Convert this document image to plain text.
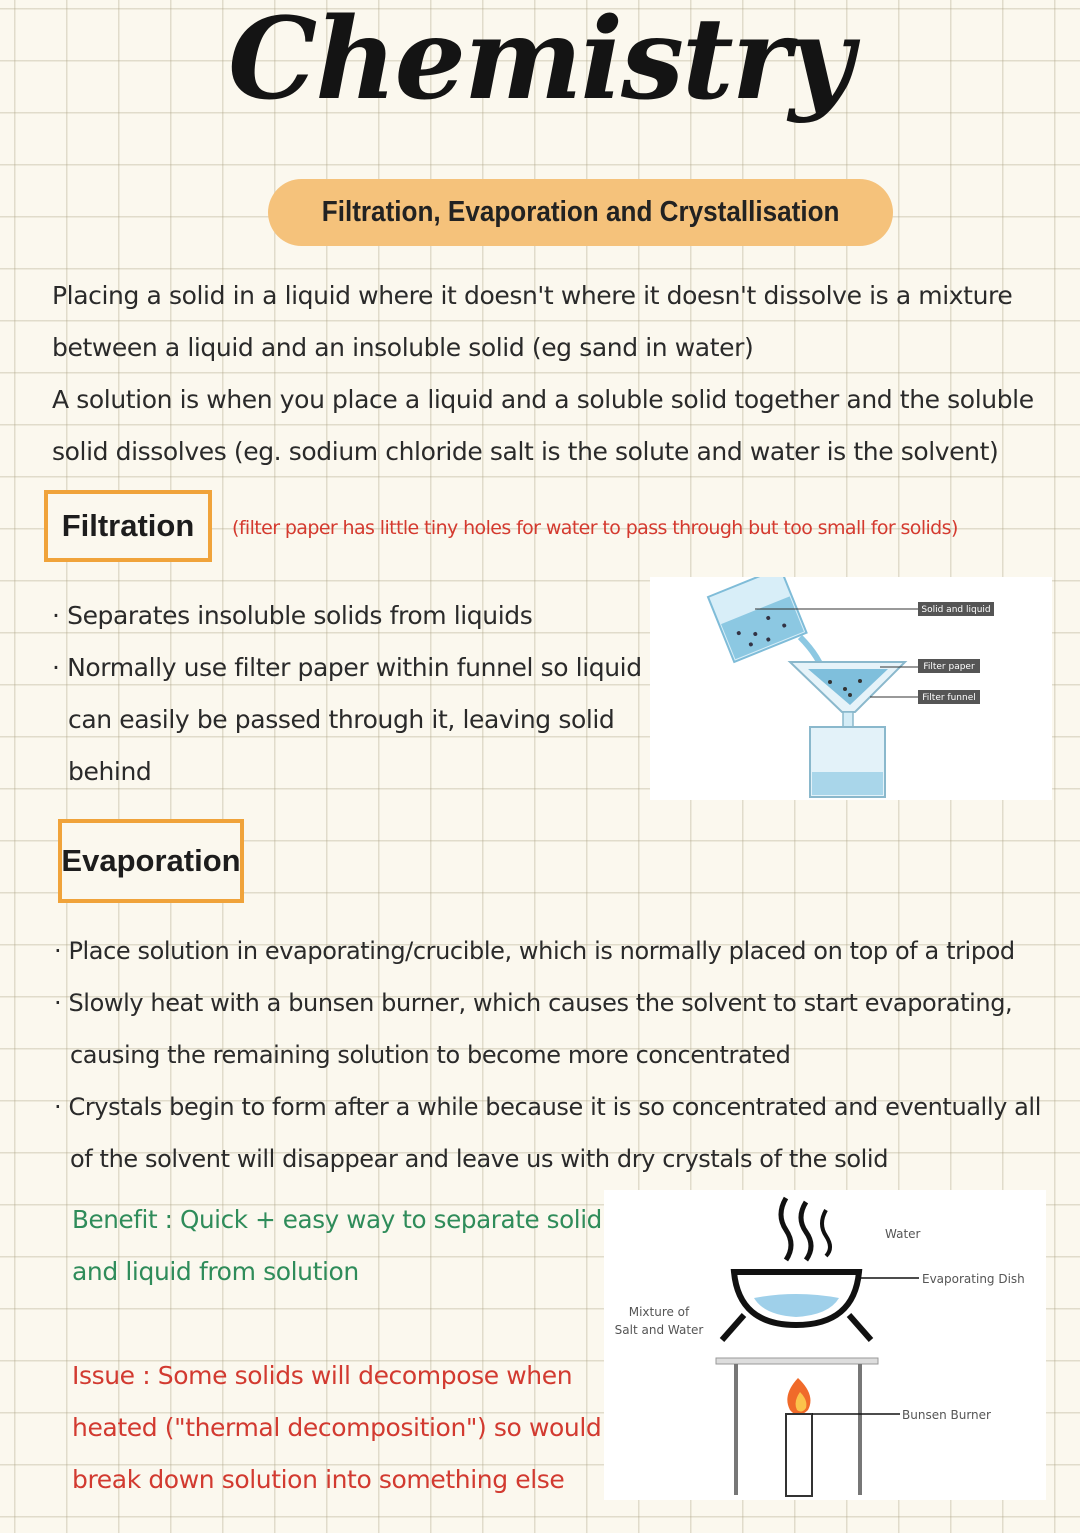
Chemistry
Filtration, Evaporation and Crystallisation
Placing a solid in a liquid where it doesn't where it doesn't dissolve is a mixture
between a liquid and an insoluble solid (eg sand in water)
A solution is when you place a liquid and a soluble solid together and the soluble
solid dissolves (eg. sodium chloride salt is the solute and water is the solvent)
Filtration (filter paper has little tiny holes for water to pass through but too small for solids)
· Separates insoluble solids from liquids
· Normally use filter paper within funnel so liquid
can easily be passed through it, leaving solid
behind
Solid and liquid
Filter paper
Filter funnel
Evaporation
· Place solution in evaporating/crucible, which is normally placed on top of a tripod
· Slowly heat with a bunsen burner, which causes the solvent to start evaporating,
causing the remaining solution to become more concentrated
· Crystals begin to form after a while because it is so concentrated and eventually all
of the solvent will disappear and leave us with dry crystals of the solid
Benefit : Quick + easy way to separate solid
and liquid from solution
Issue : Some solids will decompose when
heated ("thermal decomposition") so would
break down solution into something else
Water
Evaporating Dish
Mixture of
Salt and Water
Bunsen Burner
